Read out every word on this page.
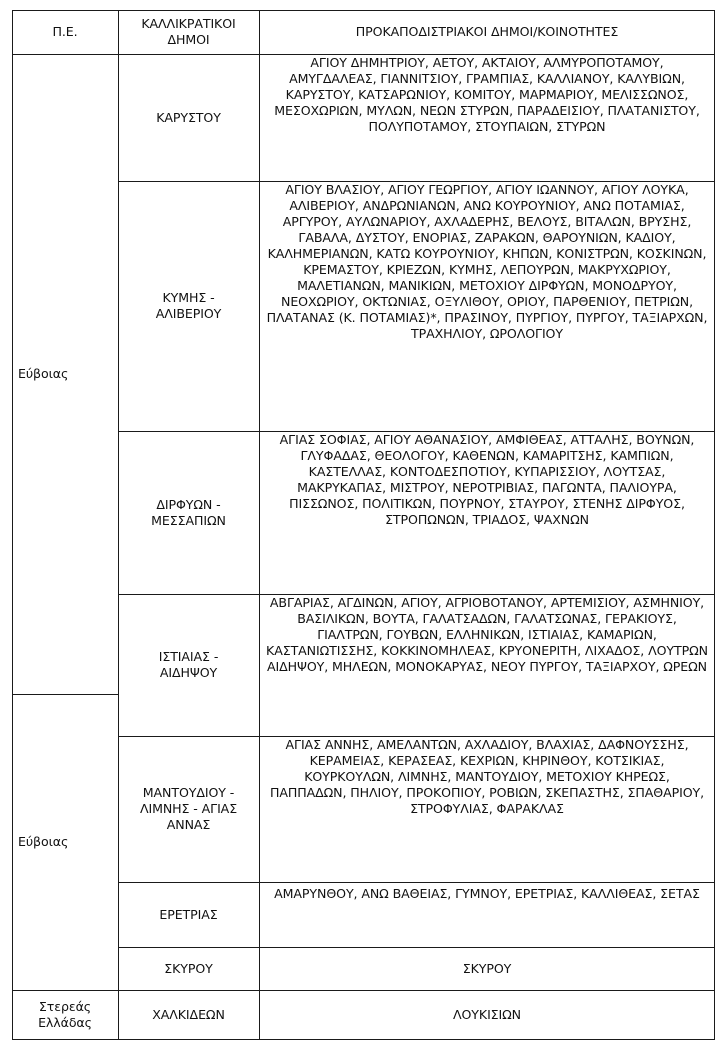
Π.Ε.
ΚΑΛΛΙΚΡΑΤΙΚΟΙ ΔΗΜΟΙ
ΠΡΟΚΑΠΟΔΙΣΤΡΙΑΚΟΙ ΔΗΜΟΙ/ΚΟΙΝΟΤΗΤΕΣ
Εύβοιας
Εύβοιας
Στερεάς Ελλάδας
ΚΑΡΥΣΤΟΥ
ΑΓΙΟΥ ΔΗΜΗΤΡΙΟΥ, ΑΕΤΟΥ, ΑΚΤΑΙΟΥ, ΑΛΜΥΡΟΠΟΤΑΜΟΥ, ΑΜΥΓΔΑΛΕΑΣ, ΓΙΑΝΝΙΤΣΙΟΥ, ΓΡΑΜΠΙΑΣ, ΚΑΛΛΙΑΝΟΥ, ΚΑΛΥΒΙΩΝ, ΚΑΡΥΣΤΟΥ, ΚΑΤΣΑΡΩΝΙΟΥ, ΚΟΜΙΤΟΥ, ΜΑΡΜΑΡΙΟΥ, ΜΕΛΙΣΣΩΝΟΣ, ΜΕΣΟΧΩΡΙΩΝ, ΜΥΛΩΝ, ΝΕΩΝ ΣΤΥΡΩΝ, ΠΑΡΑΔΕΙΣΙΟΥ, ΠΛΑΤΑΝΙΣΤΟΥ, ΠΟΛΥΠΟΤΑΜΟΥ, ΣΤΟΥΠΑΙΩΝ, ΣΤΥΡΩΝ
ΚΥΜΗΣ - ΑΛΙΒΕΡΙΟΥ
ΑΓΙΟΥ ΒΛΑΣΙΟΥ, ΑΓΙΟΥ ΓΕΩΡΓΙΟΥ, ΑΓΙΟΥ ΙΩΑΝΝΟΥ, ΑΓΙΟΥ ΛΟΥΚΑ, ΑΛΙΒΕΡΙΟΥ, ΑΝΔΡΩΝΙΑΝΩΝ, ΑΝΩ ΚΟΥΡΟΥΝΙΟΥ, ΑΝΩ ΠΟΤΑΜΙΑΣ, ΑΡΓΥΡΟΥ, ΑΥΛΩΝΑΡΙΟΥ, ΑΧΛΑΔΕΡΗΣ, ΒΕΛΟΥΣ, ΒΙΤΑΛΩΝ, ΒΡΥΣΗΣ, ΓΑΒΑΛΑ, ΔΥΣΤΟΥ, ΕΝΟΡΙΑΣ, ΖΑΡΑΚΩΝ, ΘΑΡΟΥΝΙΩΝ, ΚΑΔΙΟΥ, ΚΑΛΗΜΕΡΙΑΝΩΝ, ΚΑΤΩ ΚΟΥΡΟΥΝΙΟΥ, ΚΗΠΩΝ, ΚΟΝΙΣΤΡΩΝ, ΚΟΣΚΙΝΩΝ, ΚΡΕΜΑΣΤΟΥ, ΚΡΙΕΖΩΝ, ΚΥΜΗΣ, ΛΕΠΟΥΡΩΝ, ΜΑΚΡΥΧΩΡΙΟΥ, ΜΑΛΕΤΙΑΝΩΝ, ΜΑΝΙΚΙΩΝ, ΜΕΤΟΧΙΟΥ ΔΙΡΦΥΩΝ, ΜΟΝΟΔΡΥΟΥ, ΝΕΟΧΩΡΙΟΥ, ΟΚΤΩΝΙΑΣ, ΟΞΥΛΙΘΟΥ, ΟΡΙΟΥ, ΠΑΡΘΕΝΙΟΥ, ΠΕΤΡΙΩΝ, ΠΛΑΤΑΝΑΣ (Κ. ΠΟΤΑΜΙΑΣ)*, ΠΡΑΣΙΝΟΥ, ΠΥΡΓΙΟΥ, ΠΥΡΓΟΥ, ΤΑΞΙΑΡΧΩΝ, ΤΡΑΧΗΛΙΟΥ, ΩΡΟΛΟΓΙΟΥ
ΔΙΡΦΥΩΝ - ΜΕΣΣΑΠΙΩΝ
ΑΓΙΑΣ ΣΟΦΙΑΣ, ΑΓΙΟΥ ΑΘΑΝΑΣΙΟΥ, ΑΜΦΙΘΕΑΣ, ΑΤΤΑΛΗΣ, ΒΟΥΝΩΝ, ΓΛΥΦΑΔΑΣ, ΘΕΟΛΟΓΟΥ, ΚΑΘΕΝΩΝ, ΚΑΜΑΡΙΤΣΗΣ, ΚΑΜΠΙΩΝ, ΚΑΣΤΕΛΛΑΣ, ΚΟΝΤΟΔΕΣΠΟΤΙΟΥ, ΚΥΠΑΡΙΣΣΙΟΥ, ΛΟΥΤΣΑΣ, ΜΑΚΡΥΚΑΠΑΣ, ΜΙΣΤΡΟΥ, ΝΕΡΟΤΡΙΒΙΑΣ, ΠΑΓΩΝΤΑ, ΠΑΛΙΟΥΡΑ, ΠΙΣΣΩΝΟΣ, ΠΟΛΙΤΙΚΩΝ, ΠΟΥΡΝΟΥ, ΣΤΑΥΡΟΥ, ΣΤΕΝΗΣ ΔΙΡΦΥΟΣ, ΣΤΡΟΠΩΝΩΝ, ΤΡΙΑΔΟΣ, ΨΑΧΝΩΝ
ΙΣΤΙΑΙΑΣ - ΑΙΔΗΨΟΥ
ΑΒΓΑΡΙΑΣ, ΑΓΔΙΝΩΝ, ΑΓΙΟΥ, ΑΓΡΙΟΒΟΤΑΝΟΥ, ΑΡΤΕΜΙΣΙΟΥ, ΑΣΜΗΝΙΟΥ, ΒΑΣΙΛΙΚΩΝ, ΒΟΥΤΑ, ΓΑΛΑΤΣΑΔΩΝ, ΓΑΛΑΤΣΩΝΑΣ, ΓΕΡΑΚΙΟΥΣ, ΓΙΑΛΤΡΩΝ, ΓΟΥΒΩΝ, ΕΛΛΗΝΙΚΩΝ, ΙΣΤΙΑΙΑΣ, ΚΑΜΑΡΙΩΝ, ΚΑΣΤΑΝΙΩΤΙΣΣΗΣ, ΚΟΚΚΙΝΟΜΗΛΕΑΣ, ΚΡΥΟΝΕΡΙΤΗ, ΛΙΧΑΔΟΣ, ΛΟΥΤΡΩΝ ΑΙΔΗΨΟΥ, ΜΗΛΕΩΝ, ΜΟΝΟΚΑΡΥΑΣ, ΝΕΟΥ ΠΥΡΓΟΥ, ΤΑΞΙΑΡΧΟΥ, ΩΡΕΩΝ
ΜΑΝΤΟΥΔΙΟΥ - ΛΙΜΝΗΣ - ΑΓΙΑΣ ΑΝΝΑΣ
ΑΓΙΑΣ ΑΝΝΗΣ, ΑΜΕΛΑΝΤΩΝ, ΑΧΛΑΔΙΟΥ, ΒΛΑΧΙΑΣ, ΔΑΦΝΟΥΣΣΗΣ, ΚΕΡΑΜΕΙΑΣ, ΚΕΡΑΣΕΑΣ, ΚΕΧΡΙΩΝ, ΚΗΡΙΝΘΟΥ, ΚΟΤΣΙΚΙΑΣ, ΚΟΥΡΚΟΥΛΩΝ, ΛΙΜΝΗΣ, ΜΑΝΤΟΥΔΙΟΥ, ΜΕΤΟΧΙΟΥ ΚΗΡΕΩΣ, ΠΑΠΠΑΔΩΝ, ΠΗΛΙΟΥ, ΠΡΟΚΟΠΙΟΥ, ΡΟΒΙΩΝ, ΣΚΕΠΑΣΤΗΣ, ΣΠΑΘΑΡΙΟΥ, ΣΤΡΟΦΥΛΙΑΣ, ΦΑΡΑΚΛΑΣ
ΕΡΕΤΡΙΑΣ
ΑΜΑΡΥΝΘΟΥ, ΑΝΩ ΒΑΘΕΙΑΣ, ΓΥΜΝΟΥ, ΕΡΕΤΡΙΑΣ, ΚΑΛΛΙΘΕΑΣ, ΣΕΤΑΣ
ΣΚΥΡΟΥ	ΣΚΥΡΟΥ
ΧΑΛΚΙΔΕΩΝ	ΛΟΥΚΙΣΙΩΝ
